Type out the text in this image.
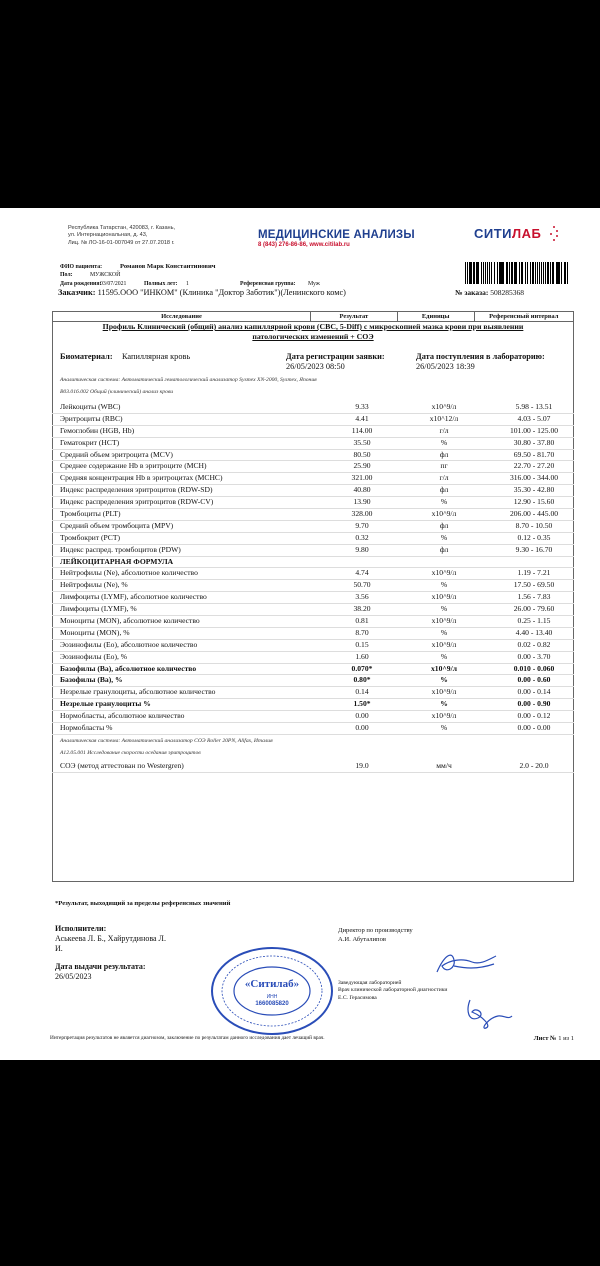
Республика Татарстан, 420083, г. Казань,
ул. Интернациональная, д. 43,
Лиц. № ЛО-16-01-007049 от 27.07.2018 г.
МЕДИЦИНСКИЕ АНАЛИЗЫ
8 (843) 276-86-86, www.citilab.ru
СИТИЛАБ
ФИО пациента:	Романов Марк Константинович
Пол:	МУЖСКОЙ
Дата рождения:
03/07/2021	Полных лет: 1	Референсная группа: Муж
Заказчик: 11595.ООО "ИНКОМ" (Клиника "Доктор Заботик")(Ленинского комс)	№ заказа: 508285368
Исследование	Результат	Единицы	Референсный интервал
Профиль Клинический (общий) анализ капиллярной крови (CBC, 5-Diff) с микроскопией мазка крови при выявлении
патологических изменений + СОЭ
Биоматериал: Капиллярная кровь	Дата регистрации заявки:
26/05/2023 08:50
Дата поступления в лабораторию:
26/05/2023 18:39
Аналитическая система: Автоматический гематологический анализатор Sysmex XN-2000, Sysmex, Япония
B03.016.002 Общий (клинический) анализ крови
Лейкоциты (WBC)	9.33	х10^9/л	5.98 - 13.51
Эритроциты (RBC)	4.41	х10^12/л	4.03 - 5.07
Гемоглобин (HGB, Hb)	114.00	г/л	101.00 - 125.00
Гематокрит (HCT)	35.50	%	30.80 - 37.80
Средний объем эритроцита (MCV)	80.50	фл	69.50 - 81.70
Среднее содержание Hb в эритроците (MCH)	25.90	пг	22.70 - 27.20
Средняя концентрация Hb в эритроцитах (MCHC)	321.00	г/л	316.00 - 344.00
Индекс распределения эритроцитов (RDW-SD)	40.80	фл	35.30 - 42.80
Индекс распределения эритроцитов (RDW-CV)	13.90	%	12.90 - 15.60
Тромбоциты (PLT)	328.00	х10^9/л	206.00 - 445.00
Средний объем тромбоцита (MPV)	9.70	фл	8.70 - 10.50
Тромбокрит (PCT)	0.32	%	0.12 - 0.35
Индекс распред. тромбоцитов (PDW)	9.80	фл	9.30 - 16.70
ЛЕЙКОЦИТАРНАЯ ФОРМУЛА
Нейтрофилы (Ne), абсолютное количество	4.74	х10^9/л	1.19 - 7.21
Нейтрофилы (Ne), %	50.70	%	17.50 - 69.50
Лимфоциты (LYMF), абсолютное количество	3.56	х10^9/л	1.56 - 7.83
Лимфоциты (LYMF), %	38.20	%	26.00 - 79.60
Моноциты (MON), абсолютное количество	0.81	х10^9/л	0.25 - 1.15
Моноциты (MON), %	8.70	%	4.40 - 13.40
Эозинофилы (Eo), абсолютное количество	0.15	х10^9/л	0.02 - 0.82
Эозинофилы (Eo), %	1.60	%	0.00 - 3.70
Базофилы (Ba), абсолютное количество	0.070*	х10^9/л	0.010 - 0.060
Базофилы (Ba), %	0.80*	%	0.00 - 0.60
Незрелые гранулоциты, абсолютное количество	0.14	х10^9/л	0.00 - 0.14
Незрелые гранулоциты %	1.50*	%	0.00 - 0.90
Нормобласты, абсолютное количество	0.00	х10^9/л	0.00 - 0.12
Нормобласты %	0.00	%	0.00 - 0.00
Аналитическая система: Автоматический анализатор СОЭ Roller 20PN, Alifax, Италия
A12.05.001 Исследование скорости оседания эритроцитов
СОЭ (метод аттестован по Westergren)	19.0	мм/ч	2.0 - 20.0
*Результат, выходящий за пределы референсных значений
Исполнители:
Аськеева Л. Б., Хайрутдинова Л.
И.
Дата выдачи результата:
26/05/2023
«Ситилаб»
ИНН
1660085820
Директор по производству
А.И. Абуталипов
Заведующая лабораторией
Врач клинической лабораторной диагностики
Е.С. Герасимова
Интерпретация результатов не является диагнозом, заключение по результатам данного исследования дает лечащий врач.	Лист № 1 из 1
